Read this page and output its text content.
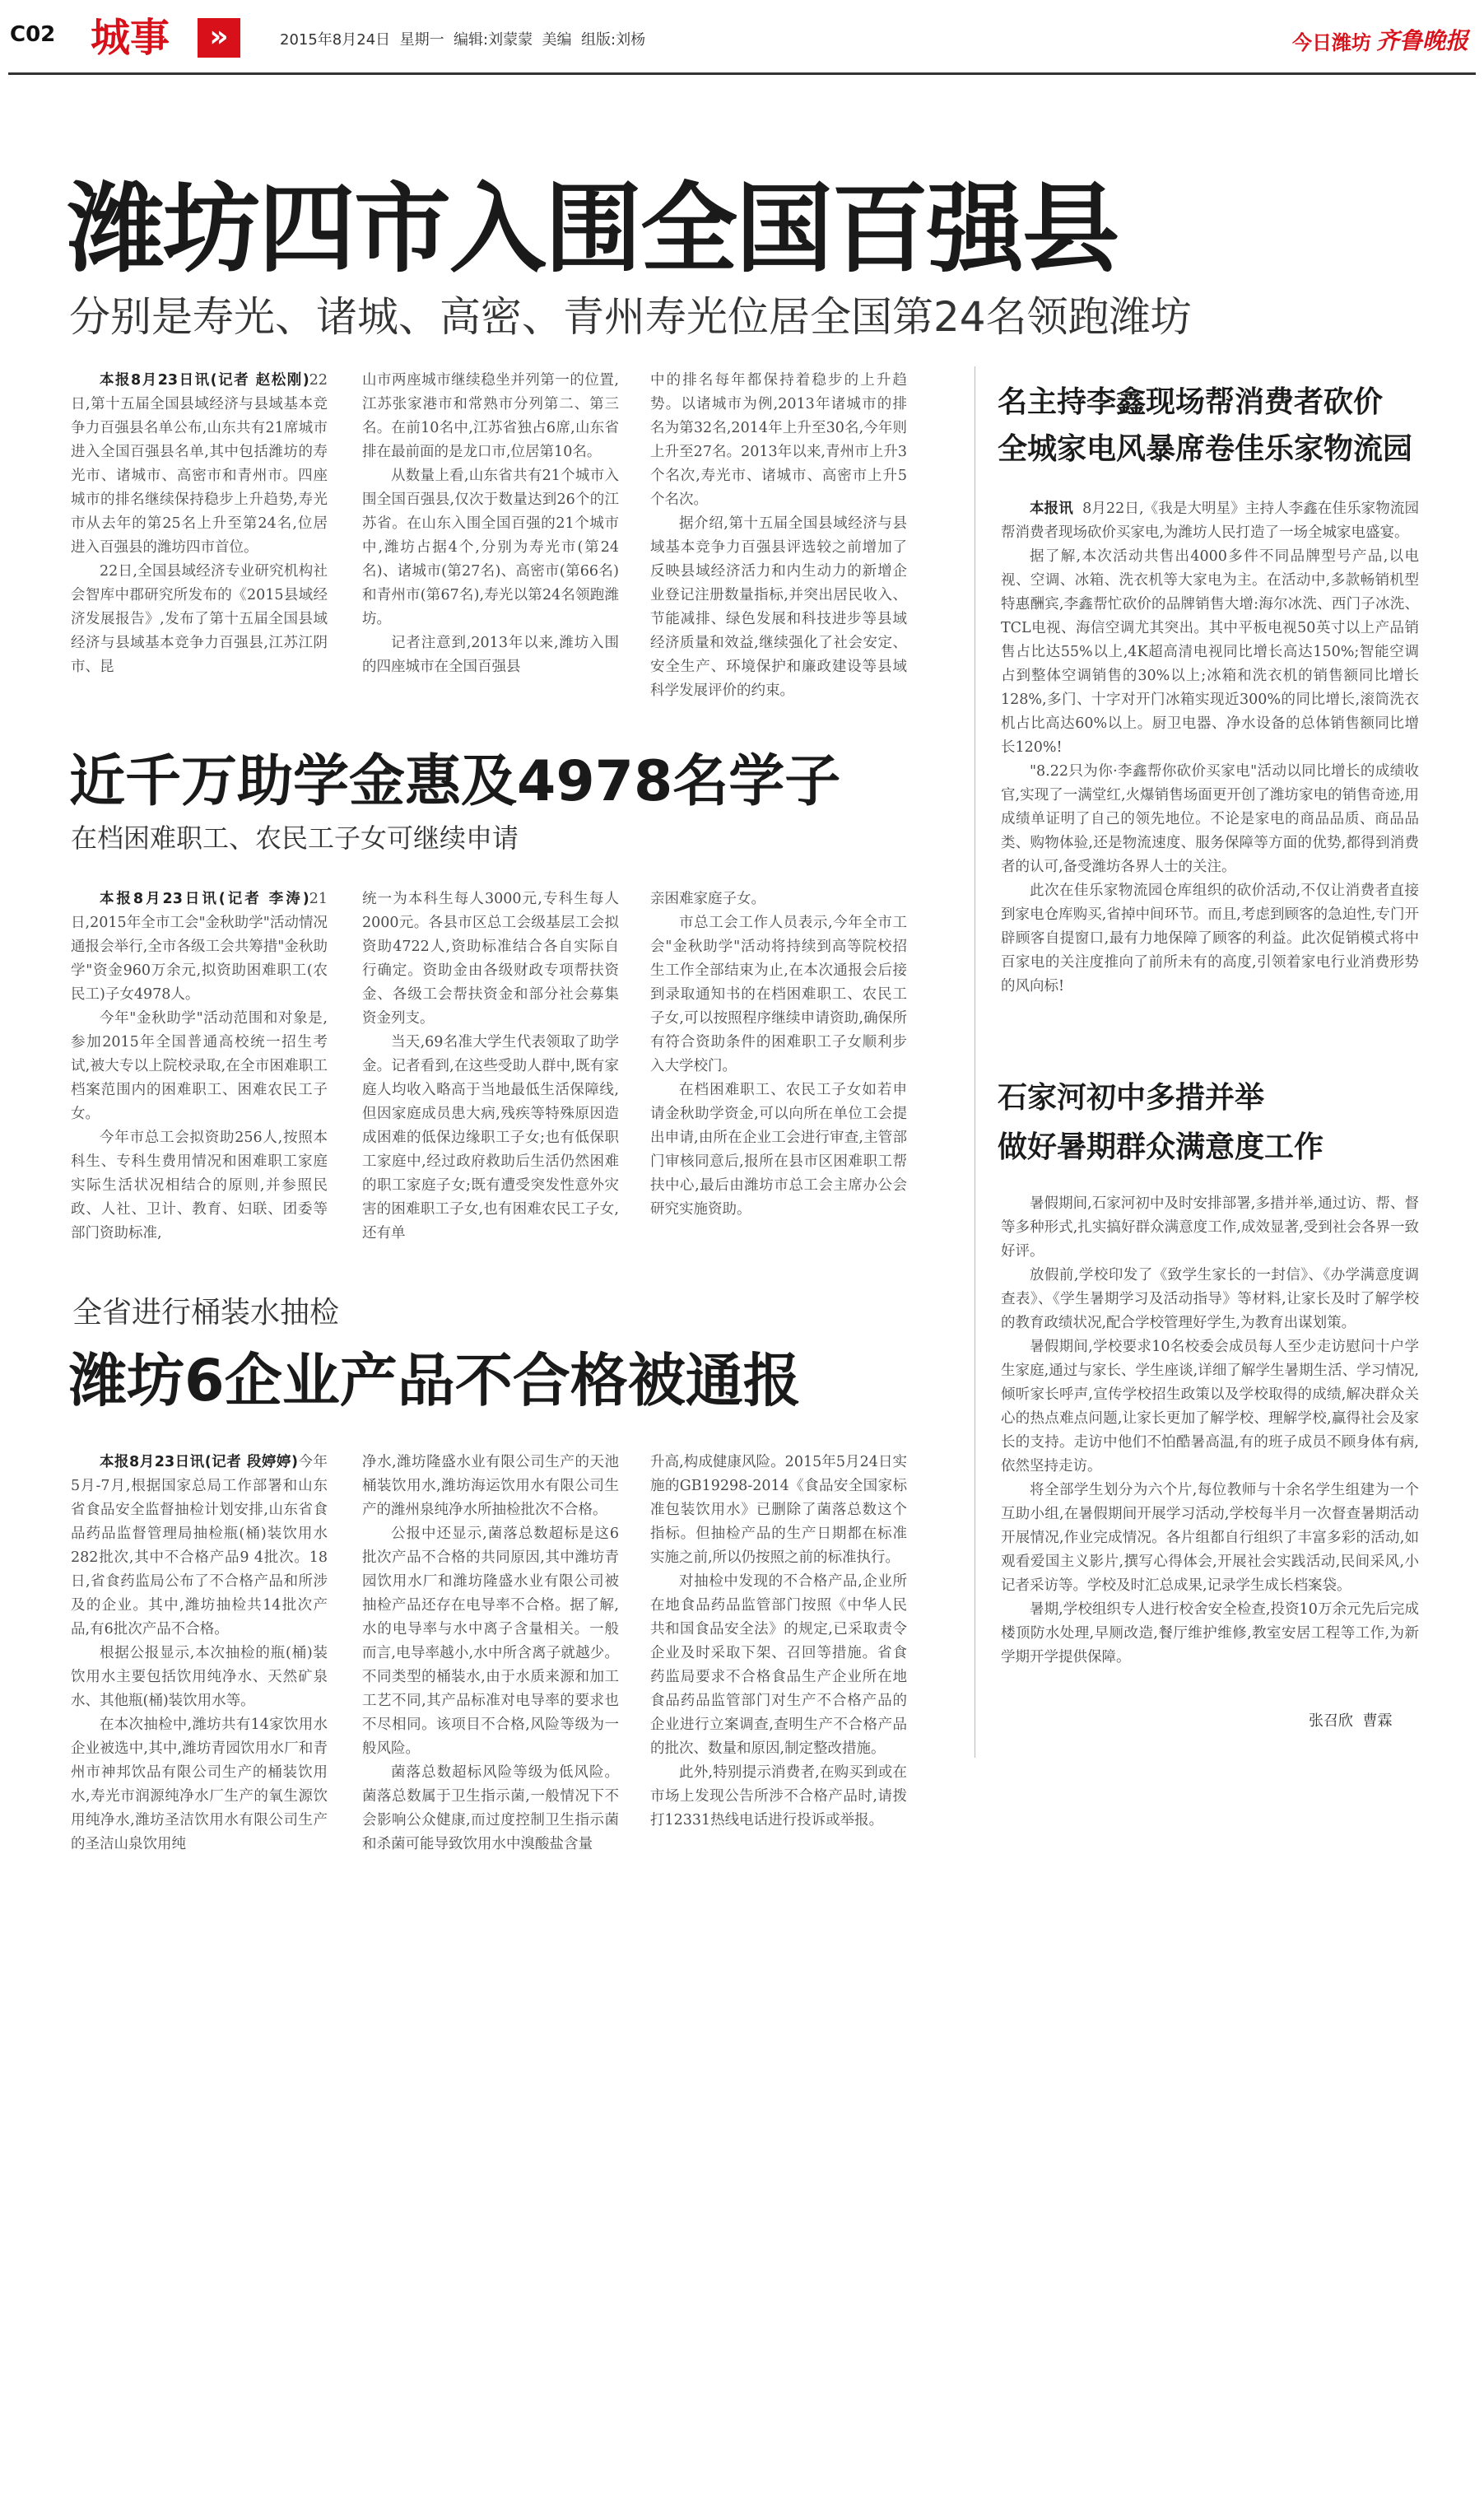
C02 城事	»	2015年8月24日  星期一  编辑:刘蒙蒙  美编  组版:刘杨	今日潍坊 齐鲁晚报
潍坊四市入围全国百强县
分别是寿光、诸城、高密、青州寿光位居全国第24名领跑潍坊

本报8月23日讯(记者 赵松刚)22日,第十五届全国县域经济与县域基本竞争力百强县名单公布,山东共有21席城市进入全国百强县名单,其中包括潍坊的寿光市、诸城市、高密市和青州市。四座城市的排名继续保持稳步上升趋势,寿光市从去年的第25名上升至第24名,位居进入百强县的潍坊四市首位。

22日,全国县域经济专业研究机构社会智库中郡研究所发布的《2015县域经济发展报告》,发布了第十五届全国县域经济与县域基本竞争力百强县,江苏江阴市、昆

山市两座城市继续稳坐并列第一的位置,江苏张家港市和常熟市分列第二、第三名。在前10名中,江苏省独占6席,山东省排在最前面的是龙口市,位居第10名。

从数量上看,山东省共有21个城市入围全国百强县,仅次于数量达到26个的江苏省。在山东入围全国百强的21个城市中,潍坊占据4个,分别为寿光市(第24名)、诸城市(第27名)、高密市(第66名)和青州市(第67名),寿光以第24名领跑潍坊。

记者注意到,2013年以来,潍坊入围的四座城市在全国百强县

中的排名每年都保持着稳步的上升趋势。以诸城市为例,2013年诸城市的排名为第32名,2014年上升至30名,今年则上升至27名。2013年以来,青州市上升3个名次,寿光市、诸城市、高密市上升5个名次。

据介绍,第十五届全国县域经济与县域基本竞争力百强县评选较之前增加了反映县域经济活力和内生动力的新增企业登记注册数量指标,并突出居民收入、节能减排、绿色发展和科技进步等县域经济质量和效益,继续强化了社会安定、安全生产、环境保护和廉政建设等县域科学发展评价的约束。

近千万助学金惠及4978名学子
在档困难职工、农民工子女可继续申请

本报8月23日讯(记者 李涛)21日,2015年全市工会"金秋助学"活动情况通报会举行,全市各级工会共筹措"金秋助学"资金960万余元,拟资助困难职工(农民工)子女4978人。

今年"金秋助学"活动范围和对象是,参加2015年全国普通高校统一招生考试,被大专以上院校录取,在全市困难职工档案范围内的困难职工、困难农民工子女。

今年市总工会拟资助256人,按照本科生、专科生费用情况和困难职工家庭实际生活状况相结合的原则,并参照民政、人社、卫计、教育、妇联、团委等部门资助标准,

统一为本科生每人3000元,专科生每人2000元。各县市区总工会级基层工会拟资助4722人,资助标准结合各自实际自行确定。资助金由各级财政专项帮扶资金、各级工会帮扶资金和部分社会募集资金列支。

当天,69名准大学生代表领取了助学金。记者看到,在这些受助人群中,既有家庭人均收入略高于当地最低生活保障线,但因家庭成员患大病,残疾等特殊原因造成困难的低保边缘职工子女;也有低保职工家庭中,经过政府救助后生活仍然困难的职工家庭子女;既有遭受突发性意外灾害的困难职工子女,也有困难农民工子女,还有单

亲困难家庭子女。

市总工会工作人员表示,今年全市工会"金秋助学"活动将持续到高等院校招生工作全部结束为止,在本次通报会后接到录取通知书的在档困难职工、农民工子女,可以按照程序继续申请资助,确保所有符合资助条件的困难职工子女顺利步入大学校门。

在档困难职工、农民工子女如若申请金秋助学资金,可以向所在单位工会提出申请,由所在企业工会进行审查,主管部门审核同意后,报所在县市区困难职工帮扶中心,最后由潍坊市总工会主席办公会研究实施资助。

全省进行桶装水抽检
潍坊6企业产品不合格被通报

本报8月23日讯(记者 段婷婷)今年5月-7月,根据国家总局工作部署和山东省食品安全监督抽检计划安排,山东省食品药品监督管理局抽检瓶(桶)装饮用水282批次,其中不合格产品9 4批次。18日,省食药监局公布了不合格产品和所涉及的企业。其中,潍坊抽检共14批次产品,有6批次产品不合格。

根据公报显示,本次抽检的瓶(桶)装饮用水主要包括饮用纯净水、天然矿泉水、其他瓶(桶)装饮用水等。

在本次抽检中,潍坊共有14家饮用水企业被选中,其中,潍坊青园饮用水厂和青州市神邦饮品有限公司生产的桶装饮用水,寿光市润源纯净水厂生产的氧生源饮用纯净水,潍坊圣洁饮用水有限公司生产的圣洁山泉饮用纯

净水,潍坊隆盛水业有限公司生产的天池桶装饮用水,潍坊海运饮用水有限公司生产的潍州泉纯净水所抽检批次不合格。

公报中还显示,菌落总数超标是这6批次产品不合格的共同原因,其中潍坊青园饮用水厂和潍坊隆盛水业有限公司被抽检产品还存在电导率不合格。据了解,水的电导率与水中离子含量相关。一般而言,电导率越小,水中所含离子就越少。不同类型的桶装水,由于水质来源和加工工艺不同,其产品标准对电导率的要求也不尽相同。该项目不合格,风险等级为一般风险。

菌落总数超标风险等级为低风险。菌落总数属于卫生指示菌,一般情况下不会影响公众健康,而过度控制卫生指示菌和杀菌可能导致饮用水中溴酸盐含量

升高,构成健康风险。2015年5月24日实施的GB19298-2014《食品安全国家标准包装饮用水》已删除了菌落总数这个指标。但抽检产品的生产日期都在标准实施之前,所以仍按照之前的标准执行。

对抽检中发现的不合格产品,企业所在地食品药品监管部门按照《中华人民共和国食品安全法》的规定,已采取责令企业及时采取下架、召回等措施。省食药监局要求不合格食品生产企业所在地食品药品监管部门对生产不合格产品的企业进行立案调查,查明生产不合格产品的批次、数量和原因,制定整改措施。

此外,特别提示消费者,在购买到或在市场上发现公告所涉不合格产品时,请拨打12331热线电话进行投诉或举报。

名主持李鑫现场帮消费者砍价
全城家电风暴席卷佳乐家物流园

本报讯 8月22日,《我是大明星》主持人李鑫在佳乐家物流园帮消费者现场砍价买家电,为潍坊人民打造了一场全城家电盛宴。

据了解,本次活动共售出4000多件不同品牌型号产品,以电视、空调、冰箱、洗衣机等大家电为主。在活动中,多款畅销机型特惠酬宾,李鑫帮忙砍价的品牌销售大增:海尔冰洗、西门子冰洗、TCL电视、海信空调尤其突出。其中平板电视50英寸以上产品销售占比达55%以上,4K超高清电视同比增长高达150%;智能空调占到整体空调销售的30%以上;冰箱和洗衣机的销售额同比增长128%,多门、十字对开门冰箱实现近300%的同比增长,滚筒洗衣机占比高达60%以上。厨卫电器、净水设备的总体销售额同比增长120%!

"8.22只为你·李鑫帮你砍价买家电"活动以同比增长的成绩收官,实现了一满堂红,火爆销售场面更开创了潍坊家电的销售奇迹,用成绩单证明了自己的领先地位。不论是家电的商品品质、商品品类、购物体验,还是物流速度、服务保障等方面的优势,都得到消费者的认可,备受潍坊各界人士的关注。

此次在佳乐家物流园仓库组织的砍价活动,不仅让消费者直接到家电仓库购买,省掉中间环节。而且,考虑到顾客的急迫性,专门开辟顾客自提窗口,最有力地保障了顾客的利益。此次促销模式将中百家电的关注度推向了前所未有的高度,引领着家电行业消费形势的风向标!

石家河初中多措并举
做好暑期群众满意度工作

暑假期间,石家河初中及时安排部署,多措并举,通过访、帮、督等多种形式,扎实搞好群众满意度工作,成效显著,受到社会各界一致好评。

放假前,学校印发了《致学生家长的一封信》、《办学满意度调查表》、《学生暑期学习及活动指导》等材料,让家长及时了解学校的教育政绩状况,配合学校管理好学生,为教育出谋划策。

暑假期间,学校要求10名校委会成员每人至少走访慰问十户学生家庭,通过与家长、学生座谈,详细了解学生暑期生活、学习情况,倾听家长呼声,宣传学校招生政策以及学校取得的成绩,解决群众关心的热点难点问题,让家长更加了解学校、理解学校,赢得社会及家长的支持。走访中他们不怕酷暑高温,有的班子成员不顾身体有病,依然坚持走访。

将全部学生划分为六个片,每位教师与十余名学生组建为一个互助小组,在暑假期间开展学习活动,学校每半月一次督查暑期活动开展情况,作业完成情况。各片组都自行组织了丰富多彩的活动,如观看爱国主义影片,撰写心得体会,开展社会实践活动,民间采风,小记者采访等。学校及时汇总成果,记录学生成长档案袋。

暑期,学校组织专人进行校舍安全检查,投资10万余元先后完成楼顶防水处理,早厕改造,餐厅维护维修,教室安居工程等工作,为新学期开学提供保障。

张召欣  曹霖
